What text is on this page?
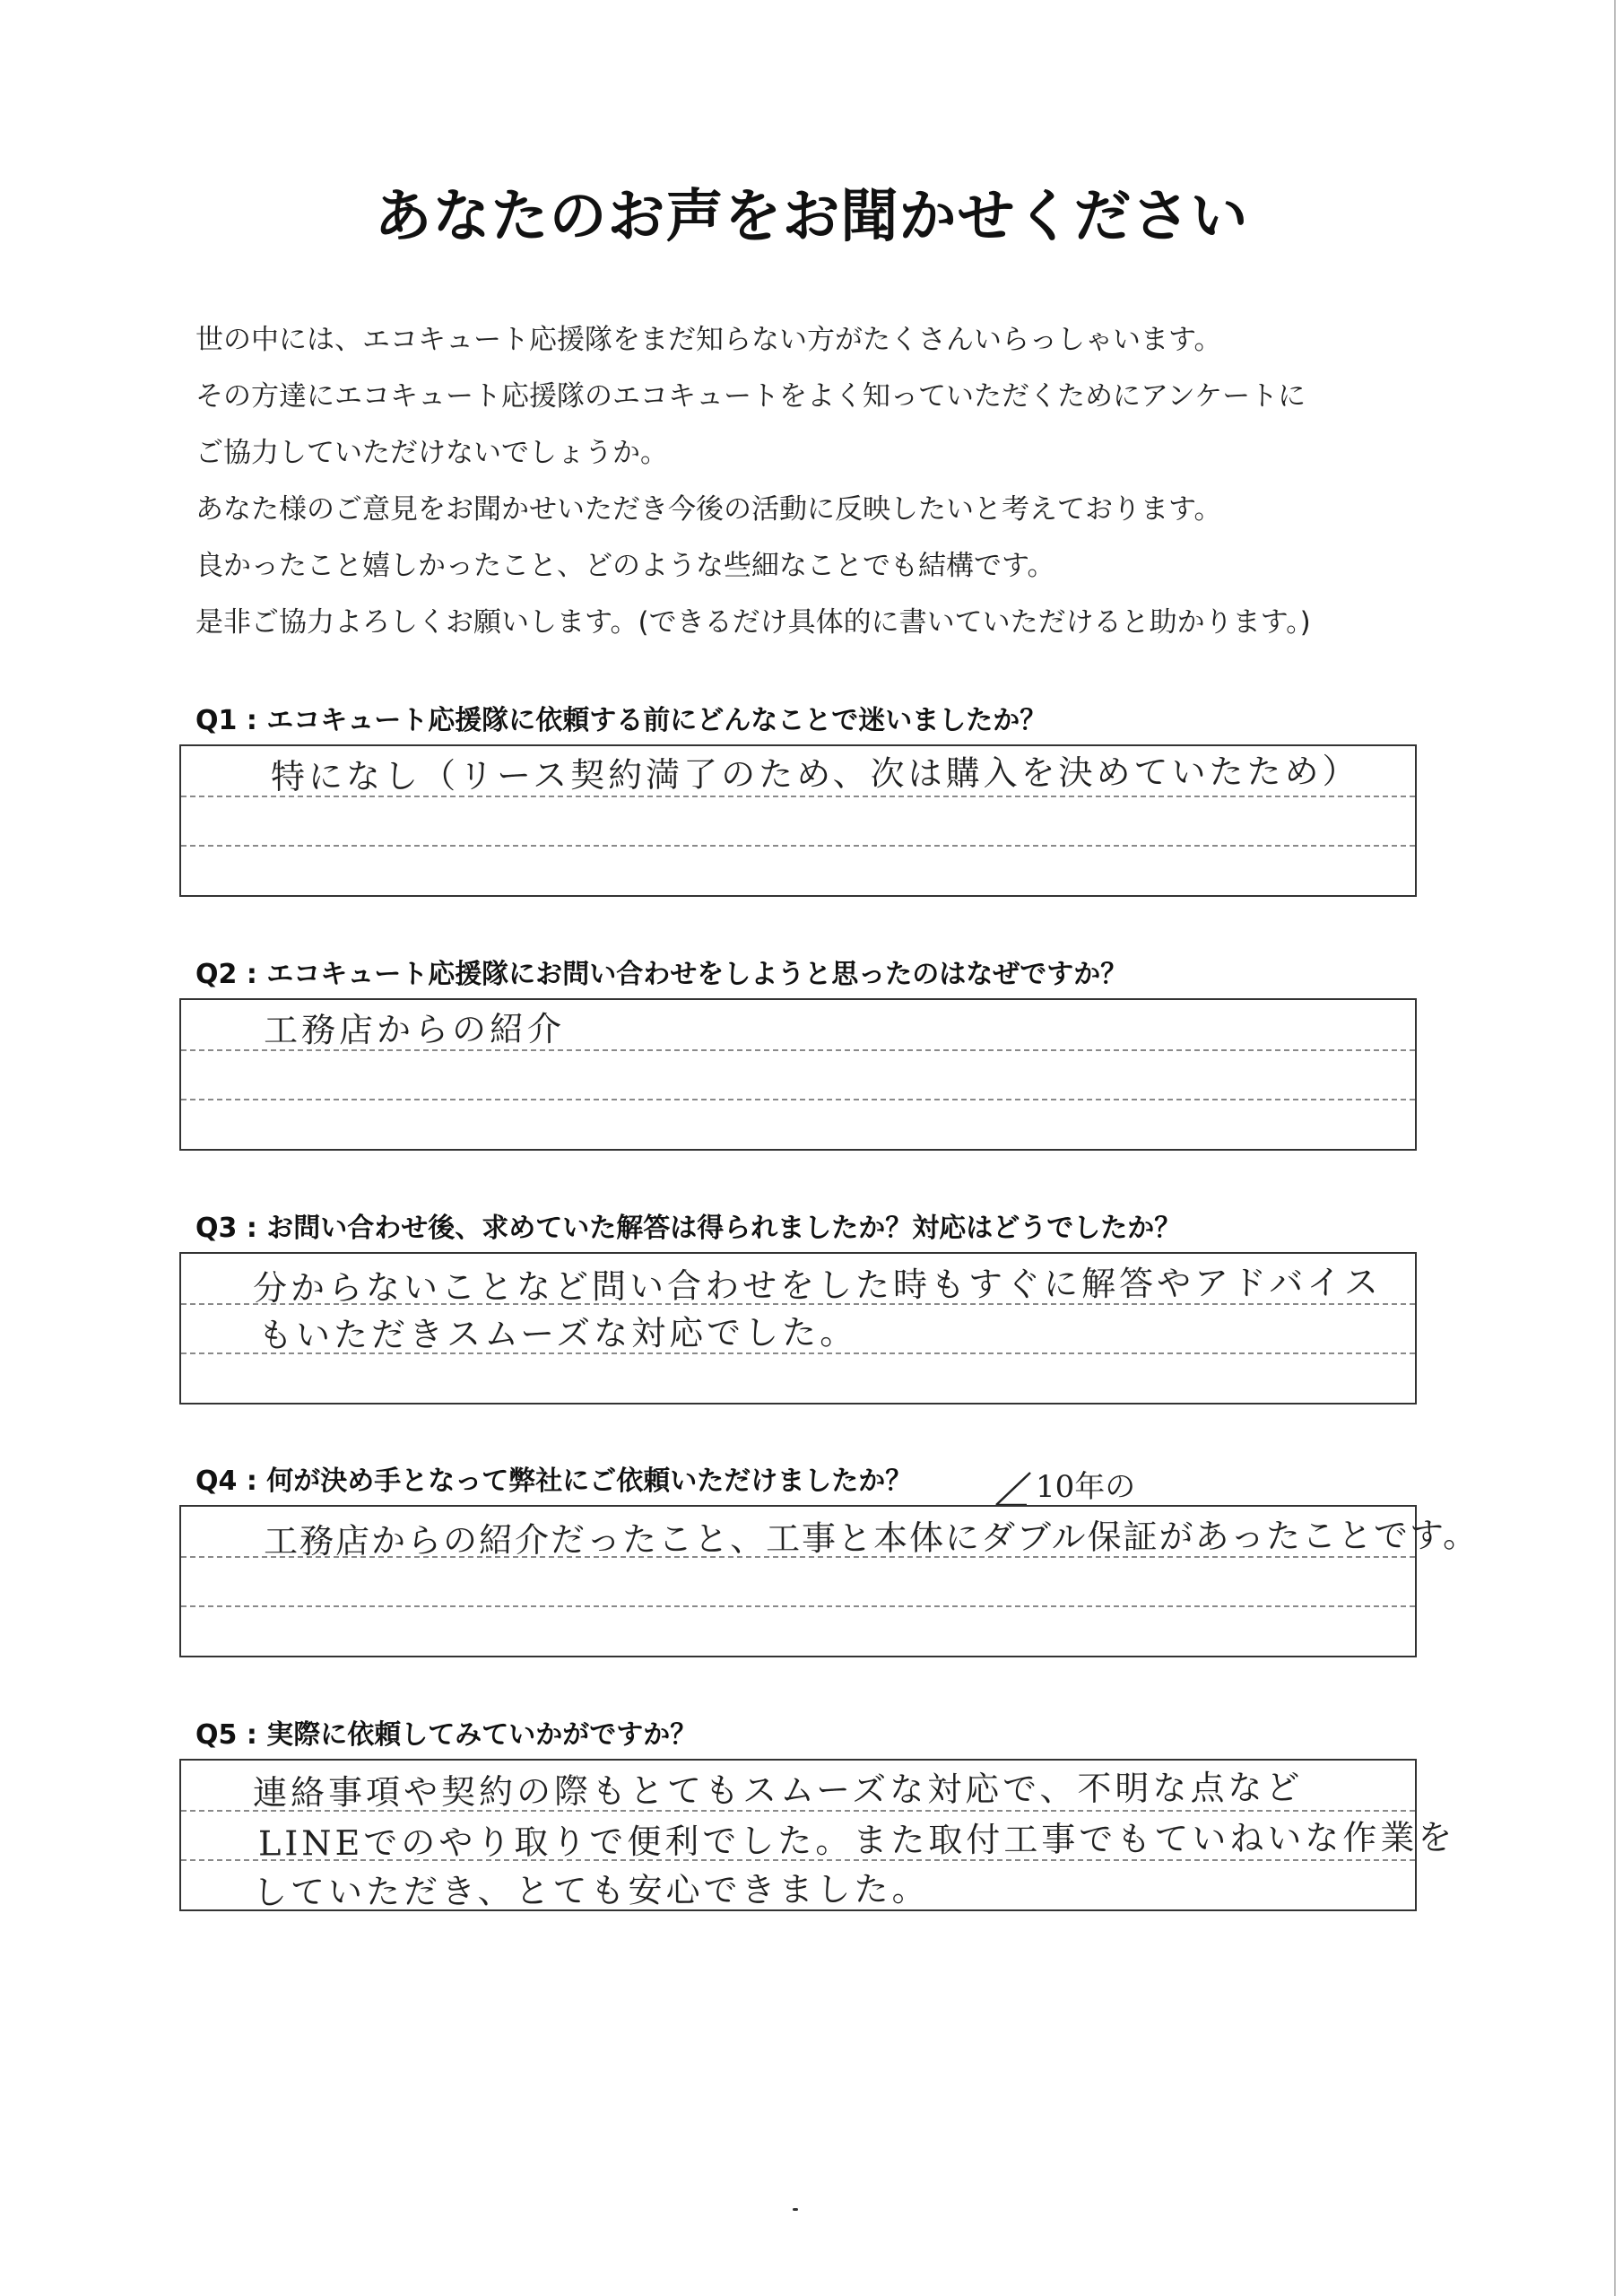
あなたのお声をお聞かせください
世の中には、エコキュート応援隊をまだ知らない方がたくさんいらっしゃいます。
その方達にエコキュート応援隊のエコキュートをよく知っていただくためにアンケートに
ご協力していただけないでしょうか。
あなた様のご意見をお聞かせいただき今後の活動に反映したいと考えております。
良かったこと嬉しかったこと、どのような些細なことでも結構です。
是非ご協力よろしくお願いします。(できるだけ具体的に書いていただけると助かります。)
Q1 : エコキュート応援隊に依頼する前にどんなことで迷いましたか？
特になし（リース契約満了のため、次は購入を決めていたため）
Q2 : エコキュート応援隊にお問い合わせをしようと思ったのはなぜですか？
工務店からの紹介
Q3 : お問い合わせ後、求めていた解答は得られましたか？対応はどうでしたか？
分からないことなど問い合わせをした時もすぐに解答やアドバイス
もいただきスムーズな対応でした。
Q4 : 何が決め手となって弊社にご依頼いただけましたか？	10年の
工務店からの紹介だったこと、工事と本体にダブル保証があったことです。
Q5 : 実際に依頼してみていかがですか？
連絡事項や契約の際もとてもスムーズな対応で、不明な点など
LINEでのやり取りで便利でした。また取付工事でもていねいな作業を
していただき、とても安心できました。
